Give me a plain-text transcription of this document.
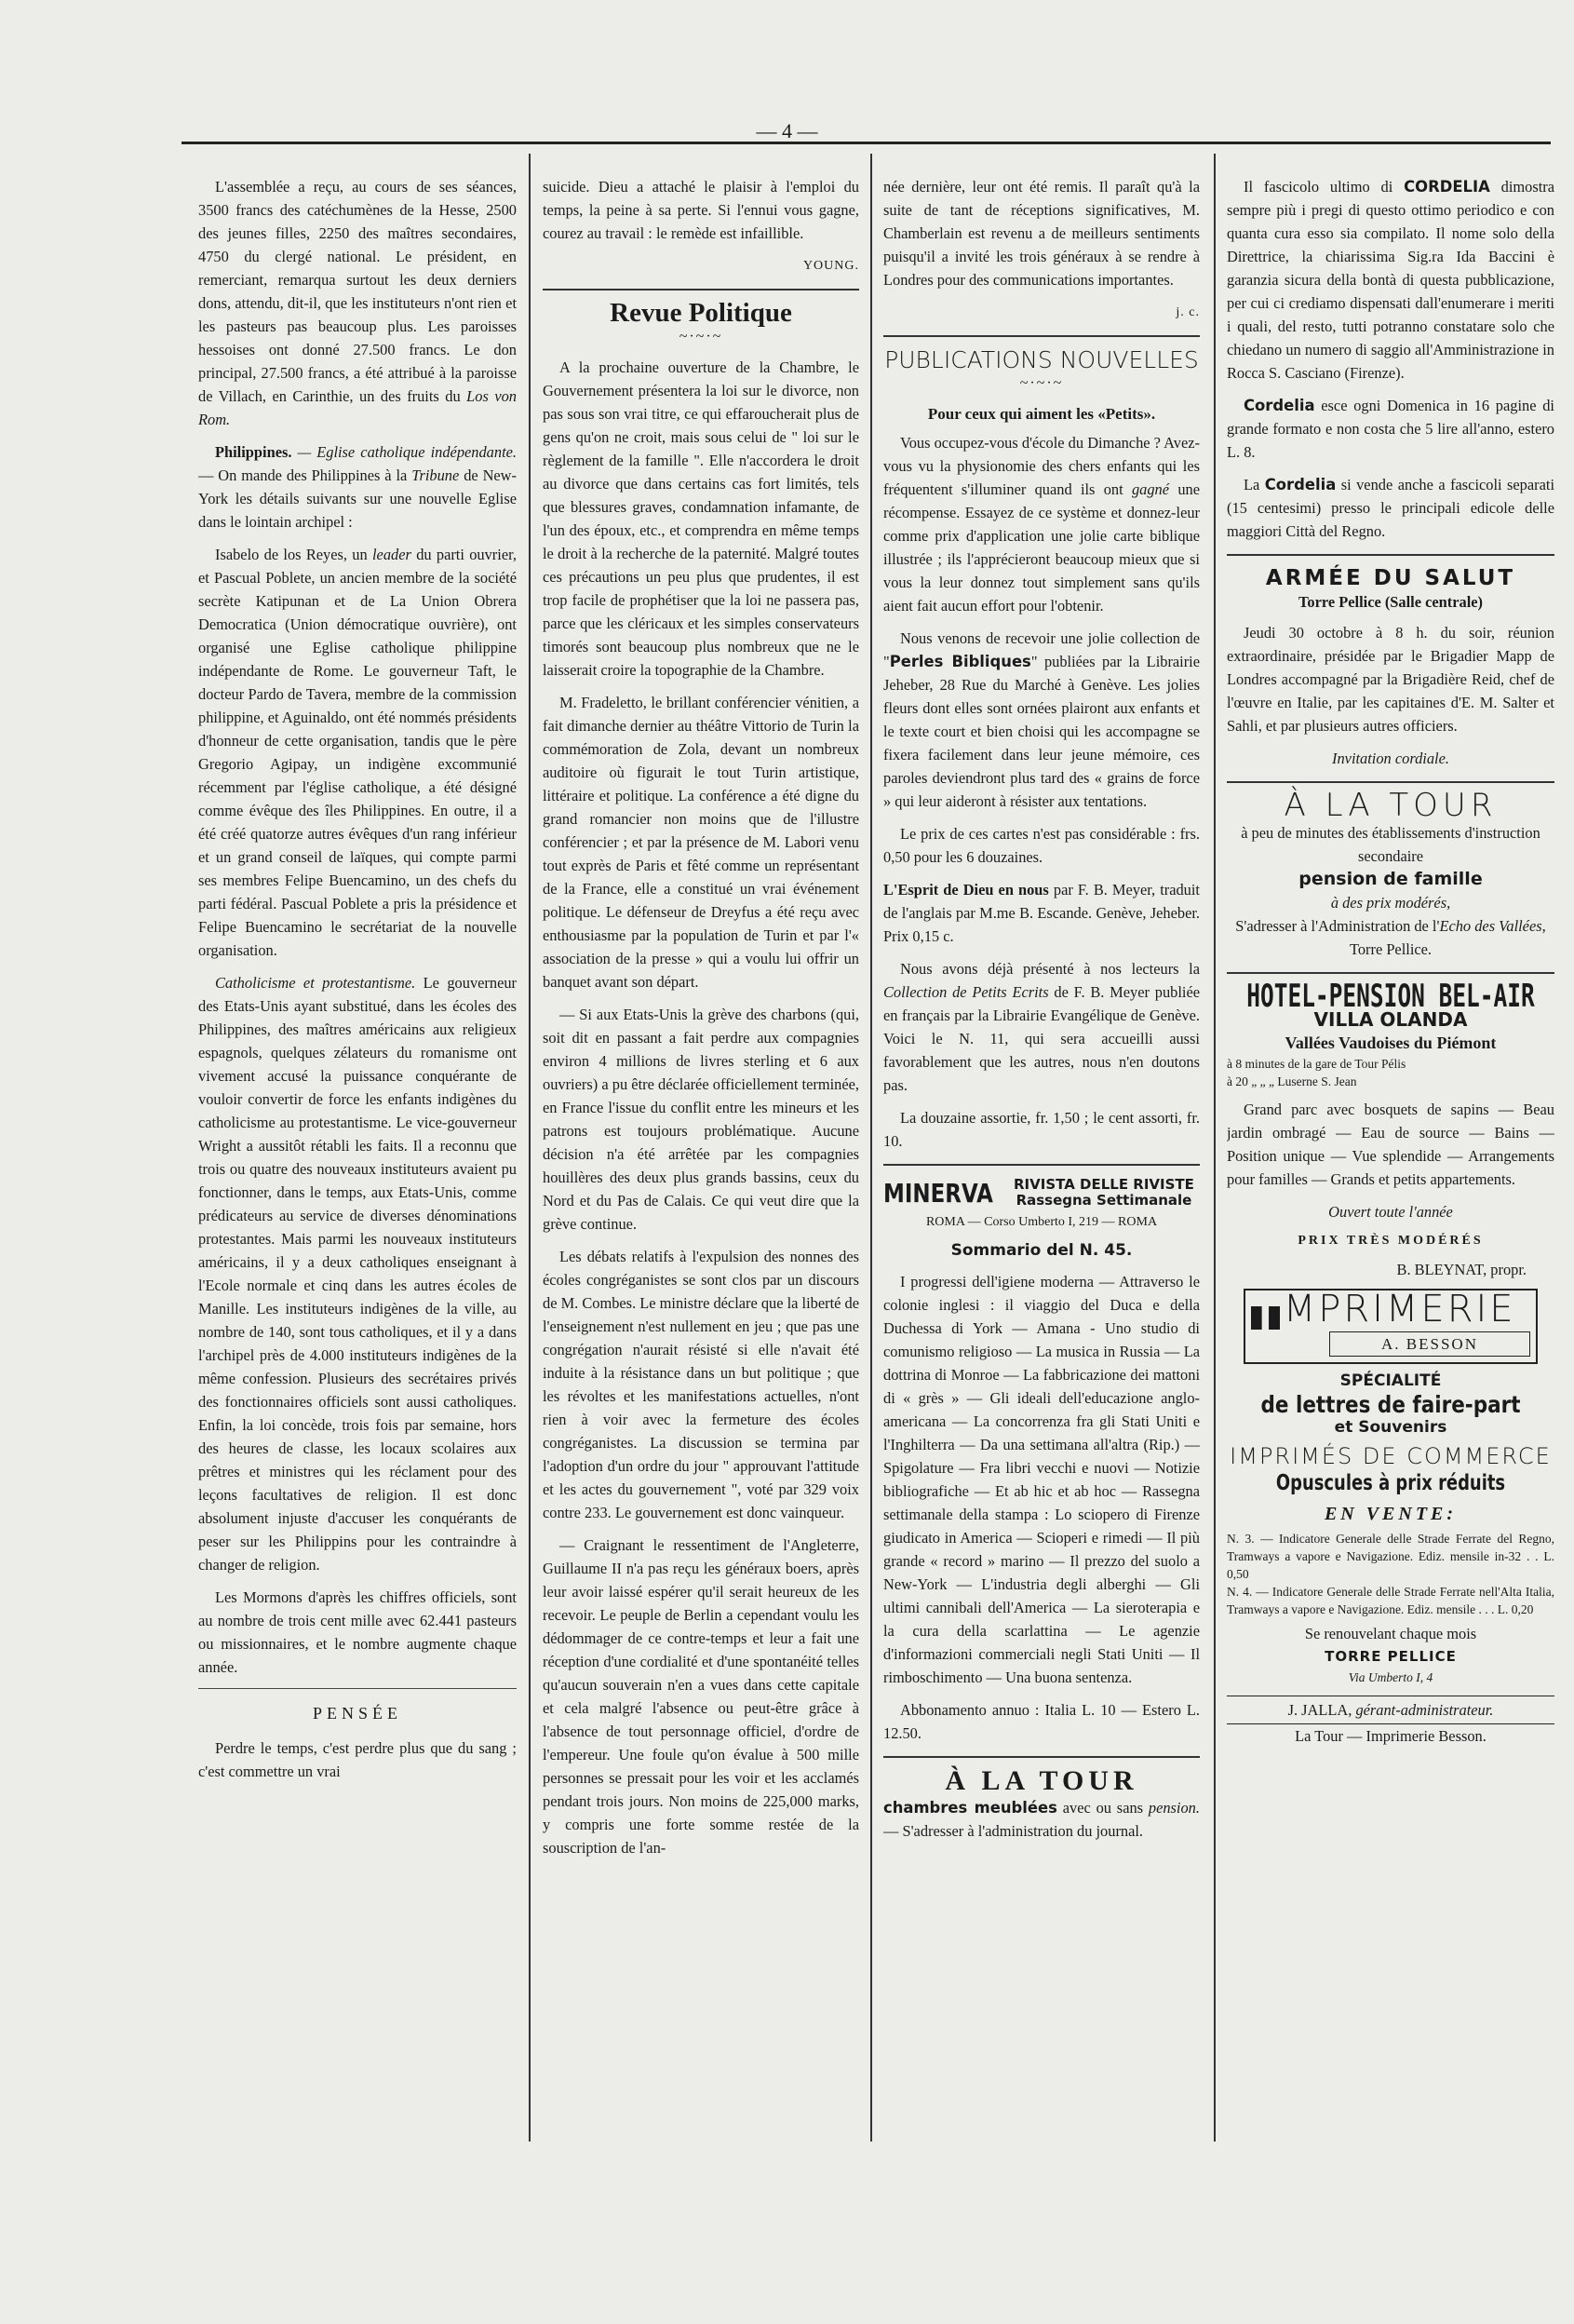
— 4 —

L'assemblée a reçu, au cours de ses séances, 3500 francs des catéchumènes de la Hesse, 2500 des jeunes filles, 2250 des maîtres secondaires, 4750 du clergé national. Le président, en remerciant, remarqua surtout les deux derniers dons, attendu, dit-il, que les instituteurs n'ont rien et les pasteurs pas beaucoup plus. Les paroisses hessoises ont donné 27.500 francs. Le don principal, 27.500 francs, a été attribué à la paroisse de Villach, en Carinthie, un des fruits du Los von Rom.

Philippines. — Eglise catholique indépendante. — On mande des Philippines à la Tribune de New-York les détails suivants sur une nouvelle Eglise dans le lointain archipel :

Isabelo de los Reyes, un leader du parti ouvrier, et Pascual Poblete, un ancien membre de la société secrète Katipunan et de La Union Obrera Democratica (Union démocratique ouvrière), ont organisé une Eglise catholique philippine indépendante de Rome. Le gouverneur Taft, le docteur Pardo de Tavera, membre de la commission philippine, et Aguinaldo, ont été nommés présidents d'honneur de cette organisation, tandis que le père Gregorio Agipay, un indigène excommunié récemment par l'église catholique, a été désigné comme évêque des îles Philippines. En outre, il a été créé quatorze autres évêques d'un rang inférieur et un grand conseil de laïques, qui compte parmi ses membres Felipe Buencamino, un des chefs du parti fédéral. Pascual Poblete a pris la présidence et Felipe Buencamino le secrétariat de la nouvelle organisation.

Catholicisme et protestantisme. Le gouverneur des Etats-Unis ayant substitué, dans les écoles des Philippines, des maîtres américains aux religieux espagnols, quelques zélateurs du romanisme ont vivement accusé la puissance conquérante de vouloir convertir de force les enfants indigènes du catholicisme au protestantisme. Le vice-gouverneur Wright a aussitôt rétabli les faits. Il a reconnu que trois ou quatre des nouveaux instituteurs avaient pu fonctionner, dans le temps, aux Etats-Unis, comme prédicateurs au service de diverses dénominations protestantes. Mais parmi les nouveaux instituteurs américains, il y a deux catholiques enseignant à l'Ecole normale et cinq dans les autres écoles de Manille. Les instituteurs indigènes de la ville, au nombre de 140, sont tous catholiques, et il y a dans l'archipel près de 4.000 instituteurs indigènes de la même confession. Plusieurs des secrétaires privés des fonctionnaires officiels sont aussi catholiques. Enfin, la loi concède, trois fois par semaine, hors des heures de classe, les locaux scolaires aux prêtres et ministres qui les réclament pour des leçons facultatives de religion. Il est donc absolument injuste d'accuser les conquérants de peser sur les Philippins pour les contraindre à changer de religion.

Les Mormons d'après les chiffres officiels, sont au nombre de trois cent mille avec 62.441 pasteurs ou missionnaires, et le nombre augmente chaque année.

PENSÉE

Perdre le temps, c'est perdre plus que du sang ; c'est commettre un vrai

suicide. Dieu a attaché le plaisir à l'emploi du temps, la peine à sa perte. Si l'ennui vous gagne, courez au travail : le remède est infaillible.

YOUNG.
Revue Politique
~·~·~

A la prochaine ouverture de la Chambre, le Gouvernement présentera la loi sur le divorce, non pas sous son vrai titre, ce qui effaroucherait plus de gens qu'on ne croit, mais sous celui de " loi sur le règlement de la famille ". Elle n'accordera le droit au divorce que dans certains cas fort limités, tels que blessures graves, condamnation infamante, de l'un des époux, etc., et comprendra en même temps le droit à la recherche de la paternité. Malgré toutes ces précautions un peu plus que prudentes, il est trop facile de prophétiser que la loi ne passera pas, parce que les cléricaux et les simples conservateurs timorés sont beaucoup plus nombreux que ne le laisserait croire la topographie de la Chambre.

M. Fradeletto, le brillant conférencier vénitien, a fait dimanche dernier au théâtre Vittorio de Turin la commémoration de Zola, devant un nombreux auditoire où figurait le tout Turin artistique, littéraire et politique. La conférence a été digne du grand romancier non moins que de l'illustre conférencier ; et par la présence de M. Labori venu tout exprès de Paris et fêté comme un représentant de la France, elle a constitué un vrai événement politique. Le défenseur de Dreyfus a été reçu avec enthousiasme par la population de Turin et par l'« association de la presse » qui a voulu lui offrir un banquet avant son départ.

— Si aux Etats-Unis la grève des charbons (qui, soit dit en passant a fait perdre aux compagnies environ 4 millions de livres sterling et 6 aux ouvriers) a pu être déclarée officiellement terminée, en France l'issue du conflit entre les mineurs et les patrons est toujours problématique. Aucune décision n'a été arrêtée par les compagnies houillères des deux plus grands bassins, ceux du Nord et du Pas de Calais. Ce qui veut dire que la grève continue.

Les débats relatifs à l'expulsion des nonnes des écoles congréganistes se sont clos par un discours de M. Combes. Le ministre déclare que la liberté de l'enseignement n'est nullement en jeu ; que pas une congrégation n'aurait résisté si elle n'avait été induite à la résistance dans un but politique ; que les révoltes et les manifestations actuelles, n'ont rien à voir avec la fermeture des écoles congréganistes. La discussion se termina par l'adoption d'un ordre du jour " approuvant l'attitude et les actes du gouvernement ", voté par 329 voix contre 233. Le gouvernement est donc vainqueur.

— Craignant le ressentiment de l'Angleterre, Guillaume II n'a pas reçu les généraux boers, après leur avoir laissé espérer qu'il serait heureux de les recevoir. Le peuple de Berlin a cependant voulu les dédommager de ce contre-temps et leur a fait une réception d'une cordialité et d'une spontanéité telles qu'aucun souverain n'en a vues dans cette capitale et cela malgré l'absence ou peut-être grâce à l'absence de tout personnage officiel, d'ordre de l'empereur. Une foule qu'on évalue à 500 mille personnes se pressait pour les voir et les acclamés pendant trois jours. Non moins de 225,000 marks, y compris une forte somme restée de la souscription de l'an-

née dernière, leur ont été remis. Il paraît qu'à la suite de tant de réceptions significatives, M. Chamberlain est revenu a de meilleurs sentiments puisqu'il a invité les trois généraux à se rendre à Londres pour des communications importantes.

j. c.
PUBLICATIONS NOUVELLES
~·~·~
Pour ceux qui aiment les «Petits».

Vous occupez-vous d'école du Dimanche ? Avez-vous vu la physionomie des chers enfants qui les fréquentent s'illuminer quand ils ont gagné une récompense. Essayez de ce système et donnez-leur comme prix d'application une jolie carte biblique illustrée ; ils l'apprécieront beaucoup mieux que si vous la leur donnez tout simplement sans qu'ils aient fait aucun effort pour l'obtenir.

Nous venons de recevoir une jolie collection de "Perles Bibliques" publiées par la Librairie Jeheber, 28 Rue du Marché à Genève. Les jolies fleurs dont elles sont ornées plairont aux enfants et le texte court et bien choisi qui les accompagne se fixera facilement dans leur jeune mémoire, ces paroles deviendront plus tard des « grains de force » qui leur aideront à résister aux tentations.

Le prix de ces cartes n'est pas considérable : frs. 0,50 pour les 6 douzaines.

L'Esprit de Dieu en nous par F. B. Meyer, traduit de l'anglais par M.me B. Escande. Genève, Jeheber. Prix 0,15 c.

Nous avons déjà présenté à nos lecteurs la Collection de Petits Ecrits de F. B. Meyer publiée en français par la Librairie Evangélique de Genève. Voici le N. 11, qui sera accueilli aussi favorablement que les autres, nous n'en doutons pas.

La douzaine assortie, fr. 1,50 ; le cent assorti, fr. 10.

MINERVA RIVISTA DELLE RIVISTE
Rassegna Settimanale
ROMA — Corso Umberto I, 219 — ROMA
Sommario del N. 45.

I progressi dell'igiene moderna — Attraverso le colonie inglesi : il viaggio del Duca e della Duchessa di York — Amana - Uno studio di comunismo religioso — La musica in Russia — La dottrina di Monroe — La fabbricazione dei mattoni di « grès » — Gli ideali dell'educazione anglo-americana — La concorrenza fra gli Stati Uniti e l'Inghilterra — Da una settimana all'altra (Rip.) — Spigolature — Fra libri vecchi e nuovi — Notizie bibliografiche — Et ab hic et ab hoc — Rassegna settimanale della stampa : Lo sciopero di Firenze giudicato in America — Scioperi e rimedi — Il più grande « record » marino — Il prezzo del suolo a New-York — L'industria degli alberghi — Gli ultimi cannibali dell'America — La sieroterapia e la cura della scarlattina — Le agenzie d'informazioni commerciali negli Stati Uniti — Il rimboschimento — Una buona sentenza.

Abbonamento annuo : Italia L. 10 — Estero L. 12.50.

À LA TOUR

chambres meublées avec ou sans pension. — S'adresser à l'administration du journal.

Il fascicolo ultimo di CORDELIA dimostra sempre più i pregi di questo ottimo periodico e con quanta cura esso sia compilato. Il nome solo della Direttrice, la chiarissima Sig.ra Ida Baccini è garanzia sicura della bontà di questa pubblicazione, per cui ci crediamo dispensati dall'enumerare i meriti i quali, del resto, tutti potranno constatare solo che chiedano un numero di saggio all'Amministrazione in Rocca S. Casciano (Firenze).

Cordelia esce ogni Domenica in 16 pagine di grande formato e non costa che 5 lire all'anno, estero L. 8.

La Cordelia si vende anche a fascicoli separati (15 centesimi) presso le principali edicole delle maggiori Città del Regno.

ARMÉE DU SALUT
Torre Pellice (Salle centrale)

Jeudi 30 octobre à 8 h. du soir, réunion extraordinaire, présidée par le Brigadier Mapp de Londres accompagné par la Brigadière Reid, chef de l'œuvre en Italie, par les capitaines d'E. M. Salter et Sahli, et par plusieurs autres officiers.

Invitation cordiale.
À LA TOUR
à peu de minutes des établissements d'instruction secondaire
pension de famille
à des prix modérés,
S'adresser à l'Administration de l'Echo des Vallées, Torre Pellice.
HOTEL-PENSION BEL-AIR
VILLA OLANDA
Vallées Vaudoises du Piémont
à 8 minutes de la gare de Tour Pélis
à 20 „ „ „ Luserne S. Jean

Grand parc avec bosquets de sapins — Beau jardin ombragé — Eau de source — Bains — Position unique — Vue splendide — Arrangements pour familles — Grands et petits appartements.

Ouvert toute l'année
PRIX TRÈS MODÉRÉS
B. BLEYNAT, propr.
I MPRIMERIE
A. BESSON
SPÉCIALITÉ
de lettres de faire-part
et Souvenirs
IMPRIMÉS DE COMMERCE
Opuscules à prix réduits
EN VENTE:
N. 3. — Indicatore Generale delle Strade Ferrate del Regno, Tramways a vapore e Navigazione. Ediz. mensile in-32 . . L. 0,50
N. 4. — Indicatore Generale delle Strade Ferrate nell'Alta Italia, Tramways a vapore e Navigazione. Ediz. mensile . . . L. 0,20
Se renouvelant chaque mois
TORRE PELLICE
Via Umberto I, 4
J. JALLA, gérant-administrateur.
La Tour — Imprimerie Besson.
